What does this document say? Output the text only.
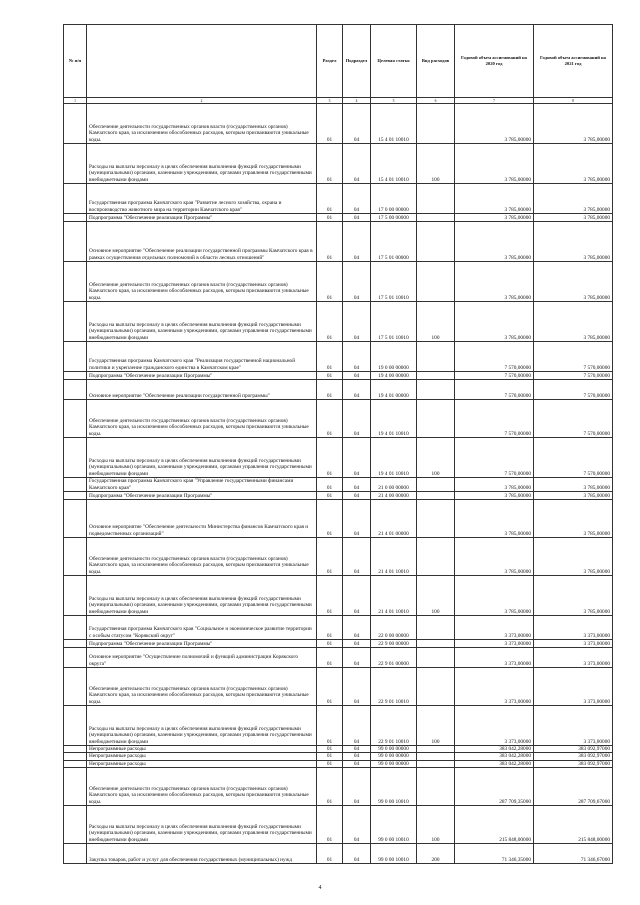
№ п/п		Раздел	Подраздел	Целевая статья	Вид расходов	Годовой объем ассигнований на 2020 год	Годовой объем ассигнований на 2021 год
1	2	3	4	5	6	7	8
	Обеспечение деятельности государственных органов власти (государственных органов) Камчатского края, за исключением обособленных расходов, которым присваиваются уникальные коды.	01	04	15 4 01 10010		3 785,00000	3 785,00000
	Расходы на выплаты персоналу в целях обеспечения выполнения функций государственными (муниципальными) органами, казенными учреждениями, органами управления государственными внебюджетными фондами	01	04	15 4 01 10010	100	3 785,00000	3 785,00000
	Государственная программа Камчатского края "Развитие лесного хозяйства, охрана и воспроизводство животного мира на территории Камчатского края"	01	04	17 0 00 00000		3 785,00000	3 785,00000
	Подпрограмма "Обеспечение реализации Программы"	01	04	17 5 00 00000		3 785,00000	3 785,00000
	Основное мероприятие "Обеспечение реализации государственной программы Камчатского края в рамках осуществления отдельных полномочий в области лесных отношений"	01	04	17 5 01 00000		3 785,00000	3 785,00000
	Обеспечение деятельности государственных органов власти (государственных органов) Камчатского края, за исключением обособленных расходов, которым присваиваются уникальные коды.	01	04	17 5 01 10010		3 785,00000	3 785,00000
	Расходы на выплаты персоналу в целях обеспечения выполнения функций государственными (муниципальными) органами, казенными учреждениями, органами управления государственными внебюджетными фондами	01	04	17 5 01 10010	100	3 785,00000	3 785,00000
	Государственная программа Камчатского края "Реализация государственной национальной политики и укрепление гражданского единства в Камчатском крае"	01	04	19 0 00 00000		7 570,00000	7 570,00000
	Подпрограмма "Обеспечение реализации Программы"	01	04	19 4 00 00000		7 570,00000	7 570,00000
	Основное мероприятие "Обеспечение реализации государственной программы"	01	04	19 4 01 00000		7 570,00000	7 570,00000
	Обеспечение деятельности государственных органов власти (государственных органов) Камчатского края, за исключением обособленных расходов, которым присваиваются уникальные коды.	01	04	19 4 01 10010		7 570,00000	7 570,00000
	Расходы на выплаты персоналу в целях обеспечения выполнения функций государственными (муниципальными) органами, казенными учреждениями, органами управления государственными внебюджетными фондами	01	04	19 4 01 10010	100	7 570,00000	7 570,00000
	Государственная программа Камчатского края "Управление государственными финансами Камчатского края"	01	04	21 0 00 00000		3 785,00000	3 785,00000
	Подпрограмма "Обеспечение реализации Программы"	01	04	21 4 00 00000		3 785,00000	3 785,00000
	Основное мероприятие "Обеспечение деятельности Министерства финансов Камчатского края и подведомственных организаций"	01	04	21 4 01 00000		3 785,00000	3 785,00000
	Обеспечение деятельности государственных органов власти (государственных органов) Камчатского края, за исключением обособленных расходов, которым присваиваются уникальные коды.	01	04	21 4 01 10010		3 785,00000	3 785,00000
	Расходы на выплаты персоналу в целях обеспечения выполнения функций государственными (муниципальными) органами, казенными учреждениями, органами управления государственными внебюджетными фондами	01	04	21 4 01 10010	100	3 785,00000	3 785,00000
	Государственная программа Камчатского края "Социальное и экономическое развитие территории с особым статусом "Корякский округ"	01	04	22 0 00 00000		3 373,00000	3 373,00000
	Подпрограмма "Обеспечение реализации Программы"	01	04	22 9 00 00000		3 373,00000	3 373,00000
	Основное мероприятие "Осуществление полномочий и функций администрации Корякского округа"	01	04	22 9 01 00000		3 373,00000	3 373,00000
	Обеспечение деятельности государственных органов власти (государственных органов) Камчатского края, за исключением обособленных расходов, которым присваиваются уникальные коды.	01	04	22 9 01 10010		3 373,00000	3 373,00000
	Расходы на выплаты персоналу в целях обеспечения выполнения функций государственными (муниципальными) органами, казенными учреждениями, органами управления государственными внебюджетными фондами	01	04	22 9 01 10010	100	3 373,00000	3 373,00000
	Непрограммные расходы	01	04	99 0 00 00000		383 042,28000	383 092,97000
	Непрограммные расходы	01	04	99 0 00 00000		383 042,28000	383 092,97000
	Непрограммные расходы	01	04	99 0 00 00000		383 042,28000	383 092,97000
	Обеспечение деятельности государственных органов власти (государственных органов) Камчатского края, за исключением обособленных расходов, которым присваиваются уникальные коды.	01	04	99 0 00 10010		287 709,35000	287 709,67000
	Расходы на выплаты персоналу в целях обеспечения выполнения функций государственными (муниципальными) органами, казенными учреждениями, органами управления государственными внебюджетными фондами	01	04	99 0 00 10010	100	215 848,00000	215 848,00000
	Закупка товаров, работ и услуг для обеспечения государственных (муниципальных) нужд	01	04	99 0 00 10010	200	71 346,35000	71 346,67000
4
